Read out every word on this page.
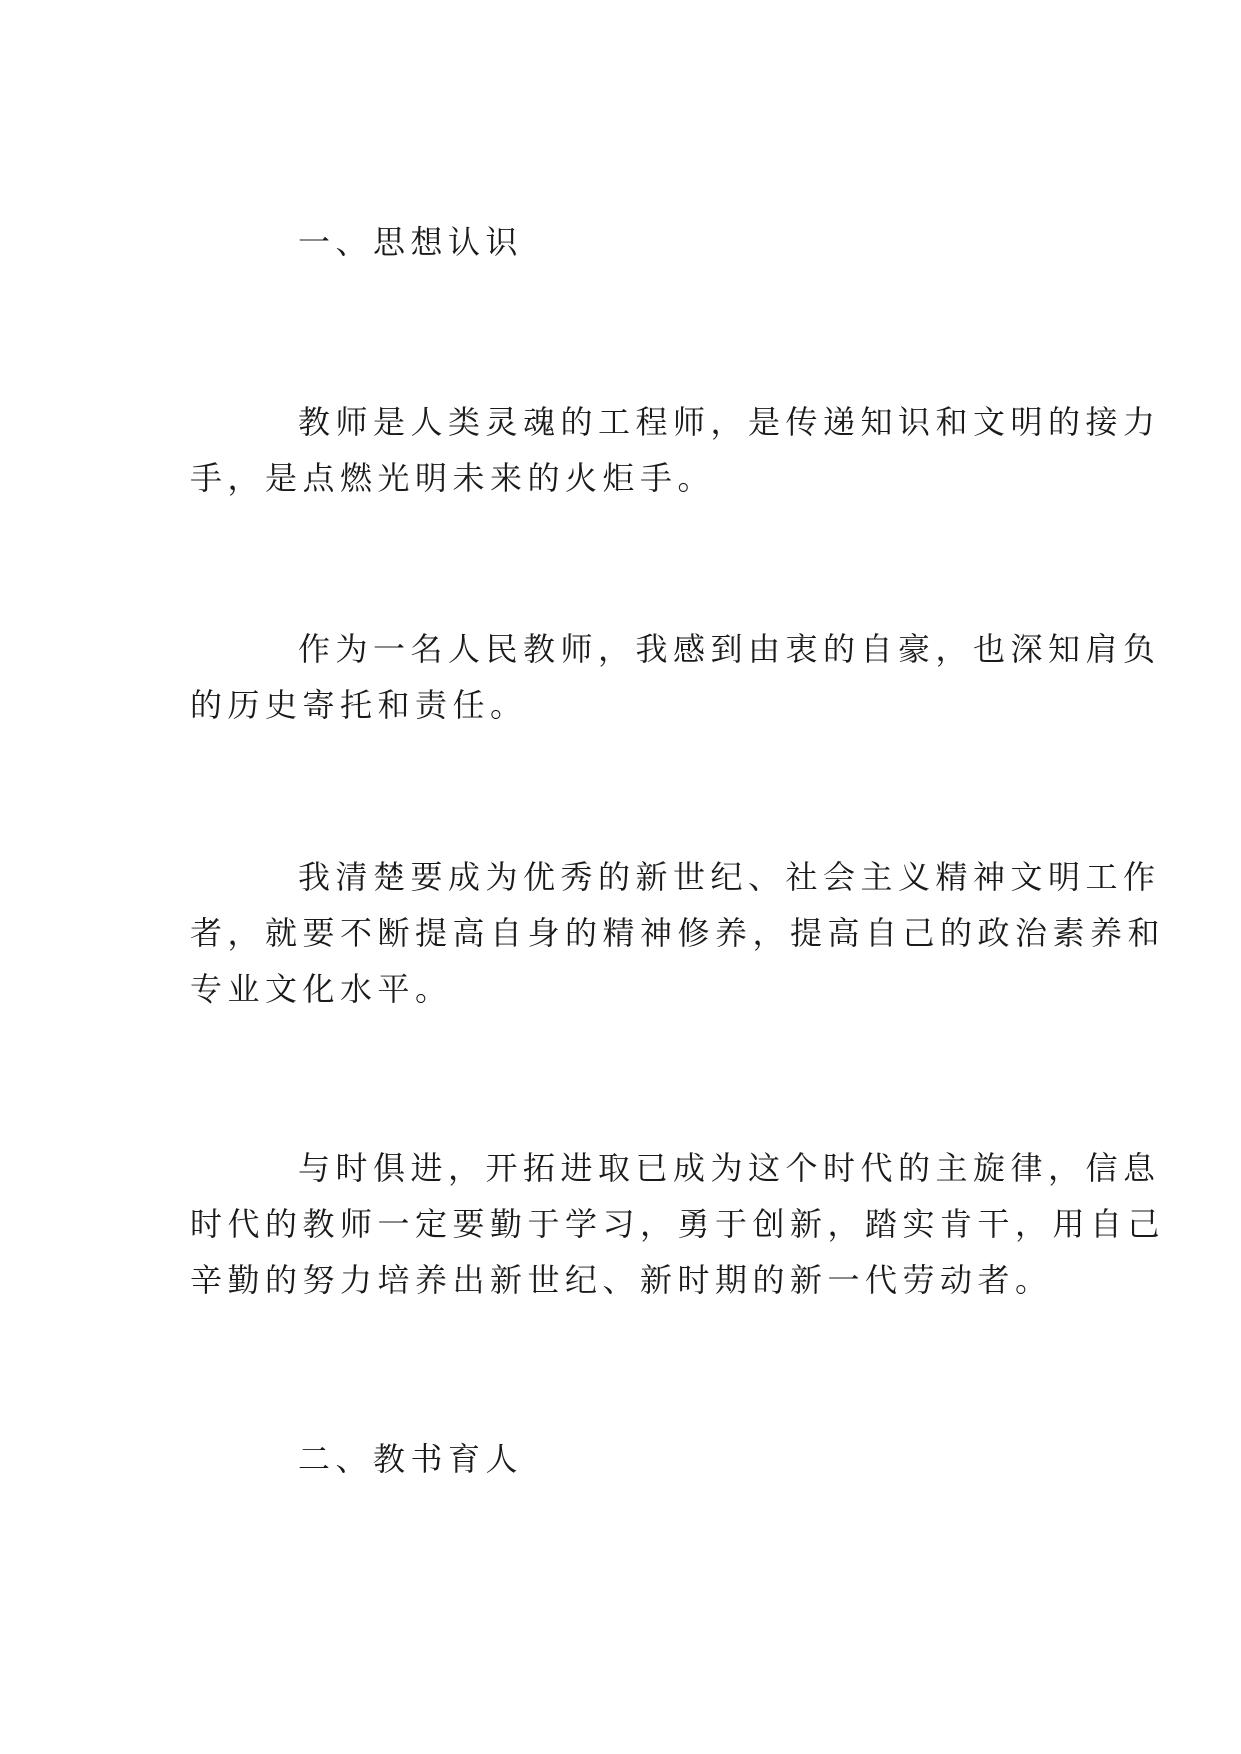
一、思想认识
教师是人类灵魂的工程师，是传递知识和文明的接力
手，是点燃光明未来的火炬手。
作为一名人民教师，我感到由衷的自豪，也深知肩负
的历史寄托和责任。
我清楚要成为优秀的新世纪、社会主义精神文明工作
者，就要不断提高自身的精神修养，提高自己的政治素养和
专业文化水平。
与时俱进，开拓进取已成为这个时代的主旋律，信息
时代的教师一定要勤于学习，勇于创新，踏实肯干，用自己
辛勤的努力培养出新世纪、新时期的新一代劳动者。
二、教书育人
